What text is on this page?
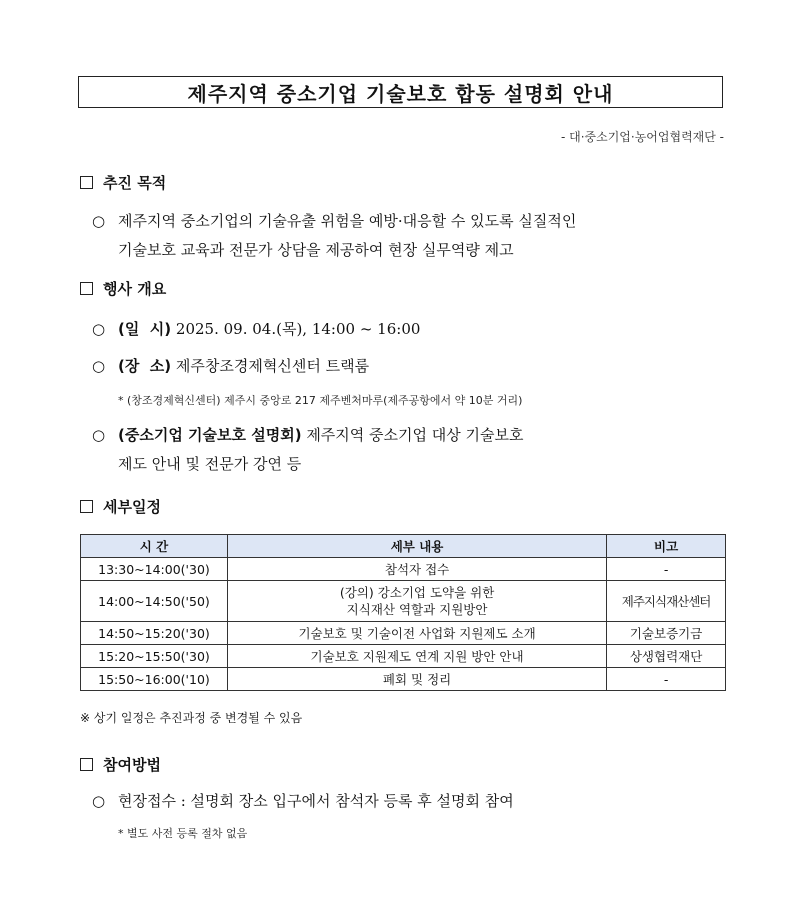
제주지역 중소기업 기술보호 합동 설명회 안내
- 대·중소기업·농어업협력재단 -
추진 목적
○ 제주지역 중소기업의 기술유출 위험을 예방·대응할 수 있도록 실질적인
기술보호 교육과 전문가 상담을 제공하여 현장 실무역량 제고
행사 개요
○ (일  시) 2025. 09. 04.(목), 14:00 ~ 16:00
○ (장  소) 제주창조경제혁신센터 트랙룸
* (창조경제혁신센터) 제주시 중앙로 217 제주벤처마루(제주공항에서 약 10분 거리)
○ (중소기업 기술보호 설명회) 제주지역 중소기업 대상 기술보호
제도 안내 및 전문가 강연 등
세부일정
시 간	세부 내용	비고
13:30~14:00('30)	참석자 접수	-
14:00~14:50('50)	(강의) 강소기업 도약을 위한
지식재산 역할과 지원방안	제주지식재산센터
14:50~15:20('30)	기술보호 및 기술이전 사업화 지원제도 소개	기술보증기금
15:20~15:50('30)	기술보호 지원제도 연계 지원 방안 안내	상생협력재단
15:50~16:00('10)	폐회 및 정리	-
※ 상기 일정은 추진과정 중 변경될 수 있음
참여방법
○ 현장접수 : 설명회 장소 입구에서 참석자 등록 후 설명회 참여
* 별도 사전 등록 절차 없음
